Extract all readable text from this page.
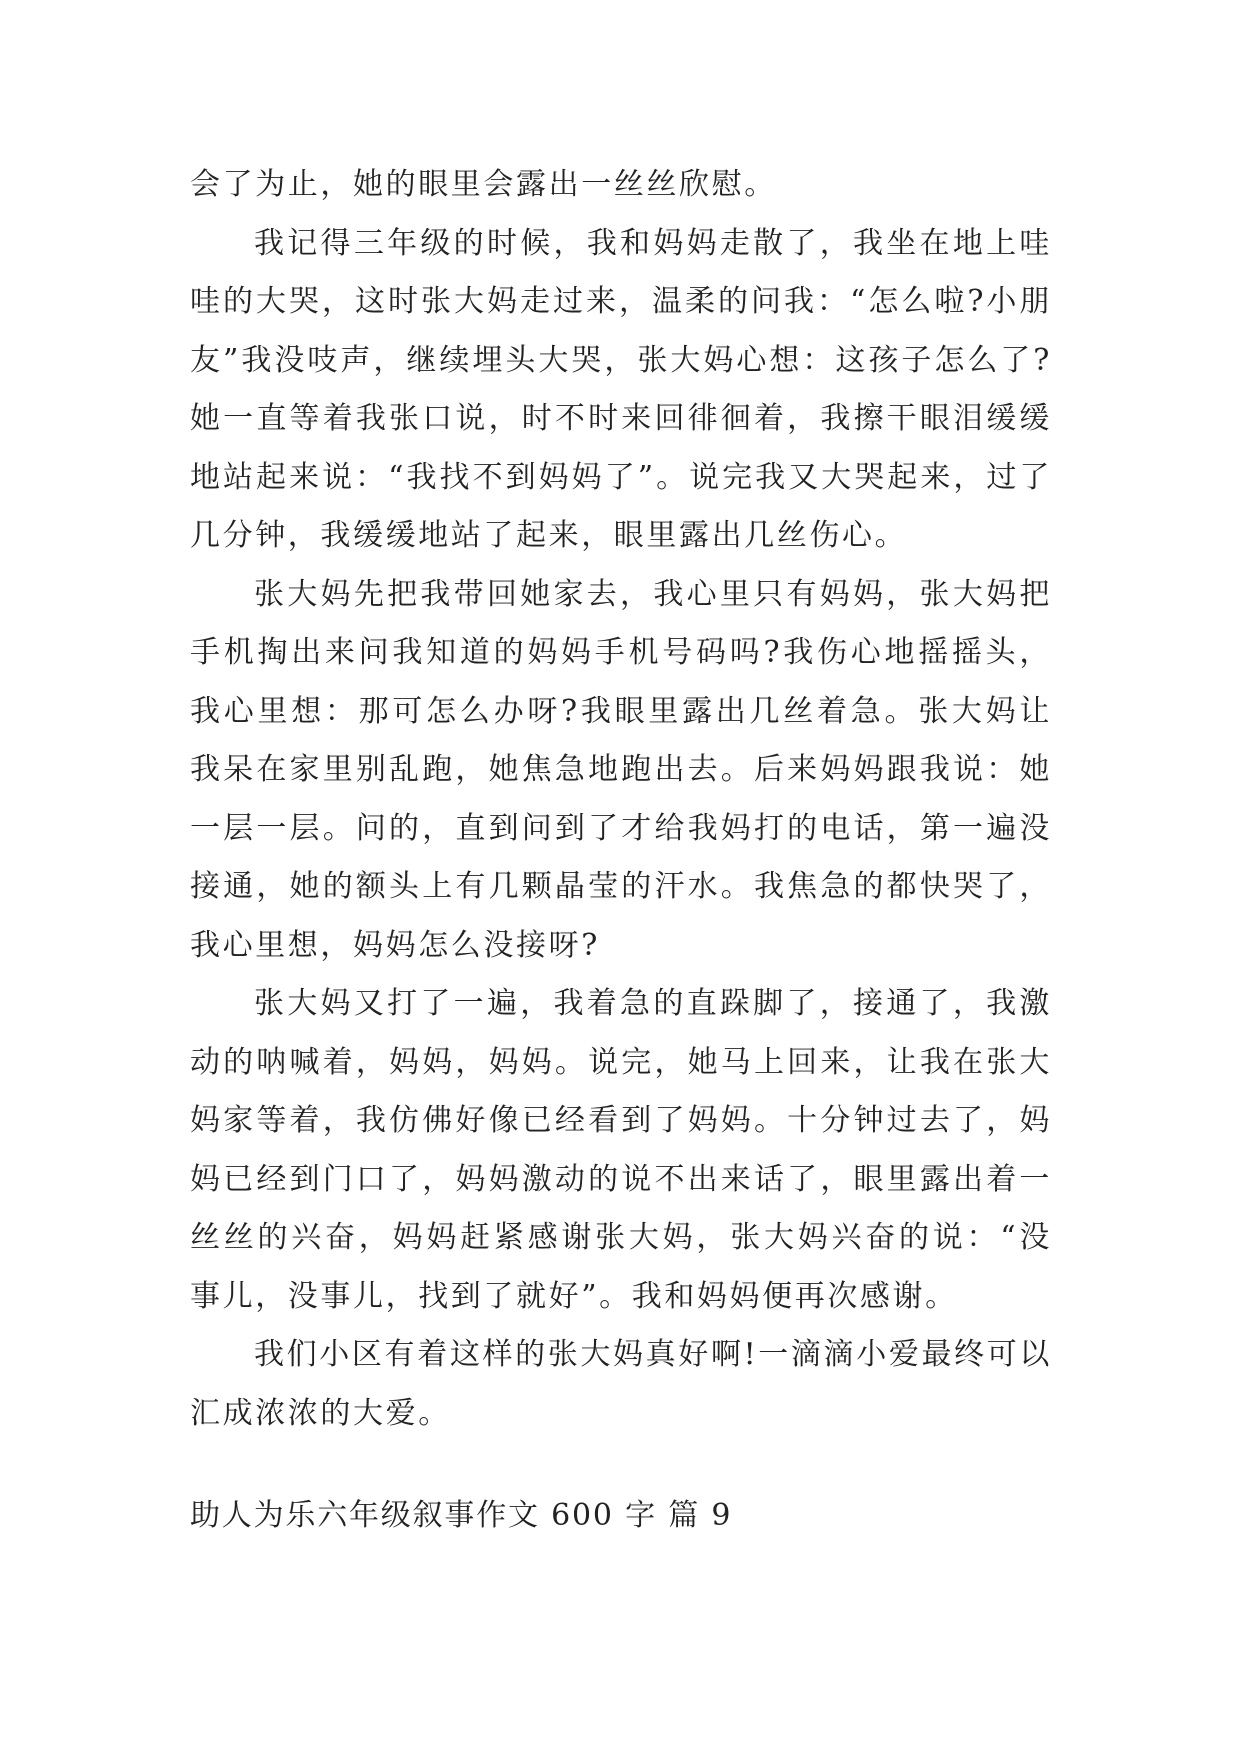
会了为止，她的眼里会露出一丝丝欣慰。

我记得三年级的时候，我和妈妈走散了，我坐在地上哇哇的大哭，这时张大妈走过来，温柔的问我：“怎么啦?小朋友”我没吱声，继续埋头大哭，张大妈心想：这孩子怎么了?她一直等着我张口说，时不时来回徘徊着，我擦干眼泪缓缓地站起来说：“我找不到妈妈了”。说完我又大哭起来，过了几分钟，我缓缓地站了起来，眼里露出几丝伤心。

张大妈先把我带回她家去，我心里只有妈妈，张大妈把手机掏出来问我知道的妈妈手机号码吗?我伤心地摇摇头，我心里想：那可怎么办呀?我眼里露出几丝着急。张大妈让我呆在家里别乱跑，她焦急地跑出去。后来妈妈跟我说：她一层一层。问的，直到问到了才给我妈打的电话，第一遍没接通，她的额头上有几颗晶莹的汗水。我焦急的都快哭了，我心里想，妈妈怎么没接呀?

张大妈又打了一遍，我着急的直跺脚了，接通了，我激动的呐喊着，妈妈，妈妈。说完，她马上回来，让我在张大妈家等着，我仿佛好像已经看到了妈妈。十分钟过去了，妈妈已经到门口了，妈妈激动的说不出来话了，眼里露出着一丝丝的兴奋，妈妈赶紧感谢张大妈，张大妈兴奋的说：“没事儿，没事儿，找到了就好”。我和妈妈便再次感谢。

我们小区有着这样的张大妈真好啊!一滴滴小爱最终可以汇成浓浓的大爱。

助人为乐六年级叙事作文 600 字 篇 9
